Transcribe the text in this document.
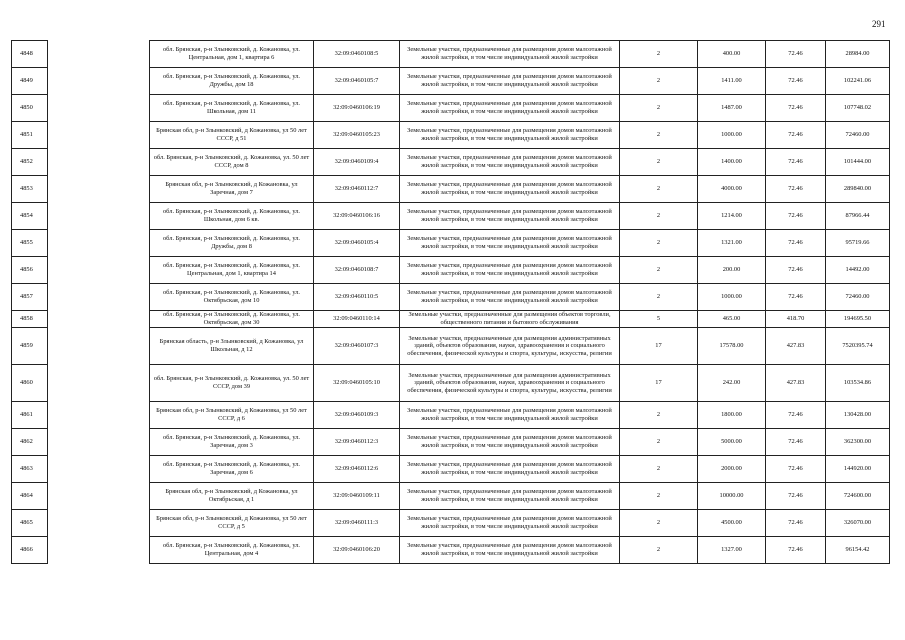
291
4848		обл. Брянская, р-н Злынковский, д. Кожановка, ул. Центральная, дом 1, квартира 6	32:09:0460108:5	Земельные участки, предназначенные для размещения домов малоэтажной жилой застройки, в том числе индивидуальной жилой застройки	2	400.00	72.46	28984.00
4849		обл. Брянская, р-н Злынковский, д. Кожановка, ул. Дружбы, дом 18	32:09:0460105:7	Земельные участки, предназначенные для размещения домов малоэтажной жилой застройки, в том числе индивидуальной жилой застройки	2	1411.00	72.46	102241.06
4850		обл. Брянская, р-н Злынковский, д. Кожановка, ул. Школьная, дом 11	32:09:0460106:19	Земельные участки, предназначенные для размещения домов малоэтажной жилой застройки, в том числе индивидуальной жилой застройки	2	1487.00	72.46	107748.02
4851		Брянская обл, р-н Злынковский, д Кожановка, ул 50 лет СССР, д 51	32:09:0460105:23	Земельные участки, предназначенные для размещения домов малоэтажной жилой застройки, в том числе индивидуальной жилой застройки	2	1000.00	72.46	72460.00
4852		обл. Брянская, р-н Злынковский, д. Кожановка, ул. 50 лет СССР, дом 8	32:09:0460109:4	Земельные участки, предназначенные для размещения домов малоэтажной жилой застройки, в том числе индивидуальной жилой застройки	2	1400.00	72.46	101444.00
4853		Брянская обл, р-н Злынковский, д Кожановка, ул Заречная, дом 7	32:09:0460112:7	Земельные участки, предназначенные для размещения домов малоэтажной жилой застройки, в том числе индивидуальной жилой застройки	2	4000.00	72.46	289840.00
4854		обл. Брянская, р-н Злынковский, д. Кожановка, ул. Школьная, дом 6 кв.	32:09:0460106:16	Земельные участки, предназначенные для размещения домов малоэтажной жилой застройки, в том числе индивидуальной жилой застройки	2	1214.00	72.46	87966.44
4855		обл. Брянская, р-н Злынковский, д. Кожановка, ул. Дружбы, дом 8	32:09:0460105:4	Земельные участки, предназначенные для размещения домов малоэтажной жилой застройки, в том числе индивидуальной жилой застройки	2	1321.00	72.46	95719.66
4856		обл. Брянская, р-н Злынковский, д. Кожановка, ул. Центральная, дом 1, квартира 14	32:09:0460108:7	Земельные участки, предназначенные для размещения домов малоэтажной жилой застройки, в том числе индивидуальной жилой застройки	2	200.00	72.46	14492.00
4857		обл. Брянская, р-н Злынковский, д. Кожановка, ул. Октябрьская, дом 10	32:09:0460110:5	Земельные участки, предназначенные для размещения домов малоэтажной жилой застройки, в том числе индивидуальной жилой застройки	2	1000.00	72.46	72460.00
4858		обл. Брянская, р-н Злынковский, д. Кожановка, ул. Октябрьская, дом 30	32:09:0460110:14	Земельные участки, предназначенные для размещения объектов торговли, общественного питания и бытового обслуживания	5	465.00	418.70	194695.50
4859		Брянская область, р-н Злынковский, д Кожановка, ул Школьная, д 12	32:09:0460107:3	Земельные участки, предназначенные для размещения административных зданий, объектов образования, науки, здравоохранения и социального обеспечения, физической культуры и спорта, культуры, искусства, религии	17	17578.00	427.83	7520395.74
4860		обл. Брянская, р-н Злынковский, д. Кожановка, ул. 50 лет СССР, дом 39	32:09:0460105:10	Земельные участки, предназначенные для размещения административных зданий, объектов образования, науки, здравоохранения и социального обеспечения, физической культуры и спорта, культуры, искусства, религии	17	242.00	427.83	103534.86
4861		Брянская обл, р-н Злынковский, д Кожановка, ул 50 лет СССР, д 6	32:09:0460109:3	Земельные участки, предназначенные для размещения домов малоэтажной жилой застройки, в том числе индивидуальной жилой застройки	2	1800.00	72.46	130428.00
4862		обл. Брянская, р-н Злынковский, д. Кожановка, ул. Заречная, дом 3	32:09:0460112:3	Земельные участки, предназначенные для размещения домов малоэтажной жилой застройки, в том числе индивидуальной жилой застройки	2	5000.00	72.46	362300.00
4863		обл. Брянская, р-н Злынковский, д. Кожановка, ул. Заречная, дом 6	32:09:0460112:6	Земельные участки, предназначенные для размещения домов малоэтажной жилой застройки, в том числе индивидуальной жилой застройки	2	2000.00	72.46	144920.00
4864		Брянская обл, р-н Злынковский, д Кожановка, ул Октябрьская, д 1	32:09:0460109:11	Земельные участки, предназначенные для размещения домов малоэтажной жилой застройки, в том числе индивидуальной жилой застройки	2	10000.00	72.46	724600.00
4865		Брянская обл, р-н Злынковский, д Кожановка, ул 50 лет СССР, д 5	32:09:0460111:3	Земельные участки, предназначенные для размещения домов малоэтажной жилой застройки, в том числе индивидуальной жилой застройки	2	4500.00	72.46	326070.00
4866		обл. Брянская, р-н Злынковский, д. Кожановка, ул. Центральная, дом 4	32:09:0460106:20	Земельные участки, предназначенные для размещения домов малоэтажной жилой застройки, в том числе индивидуальной жилой застройки	2	1327.00	72.46	96154.42
